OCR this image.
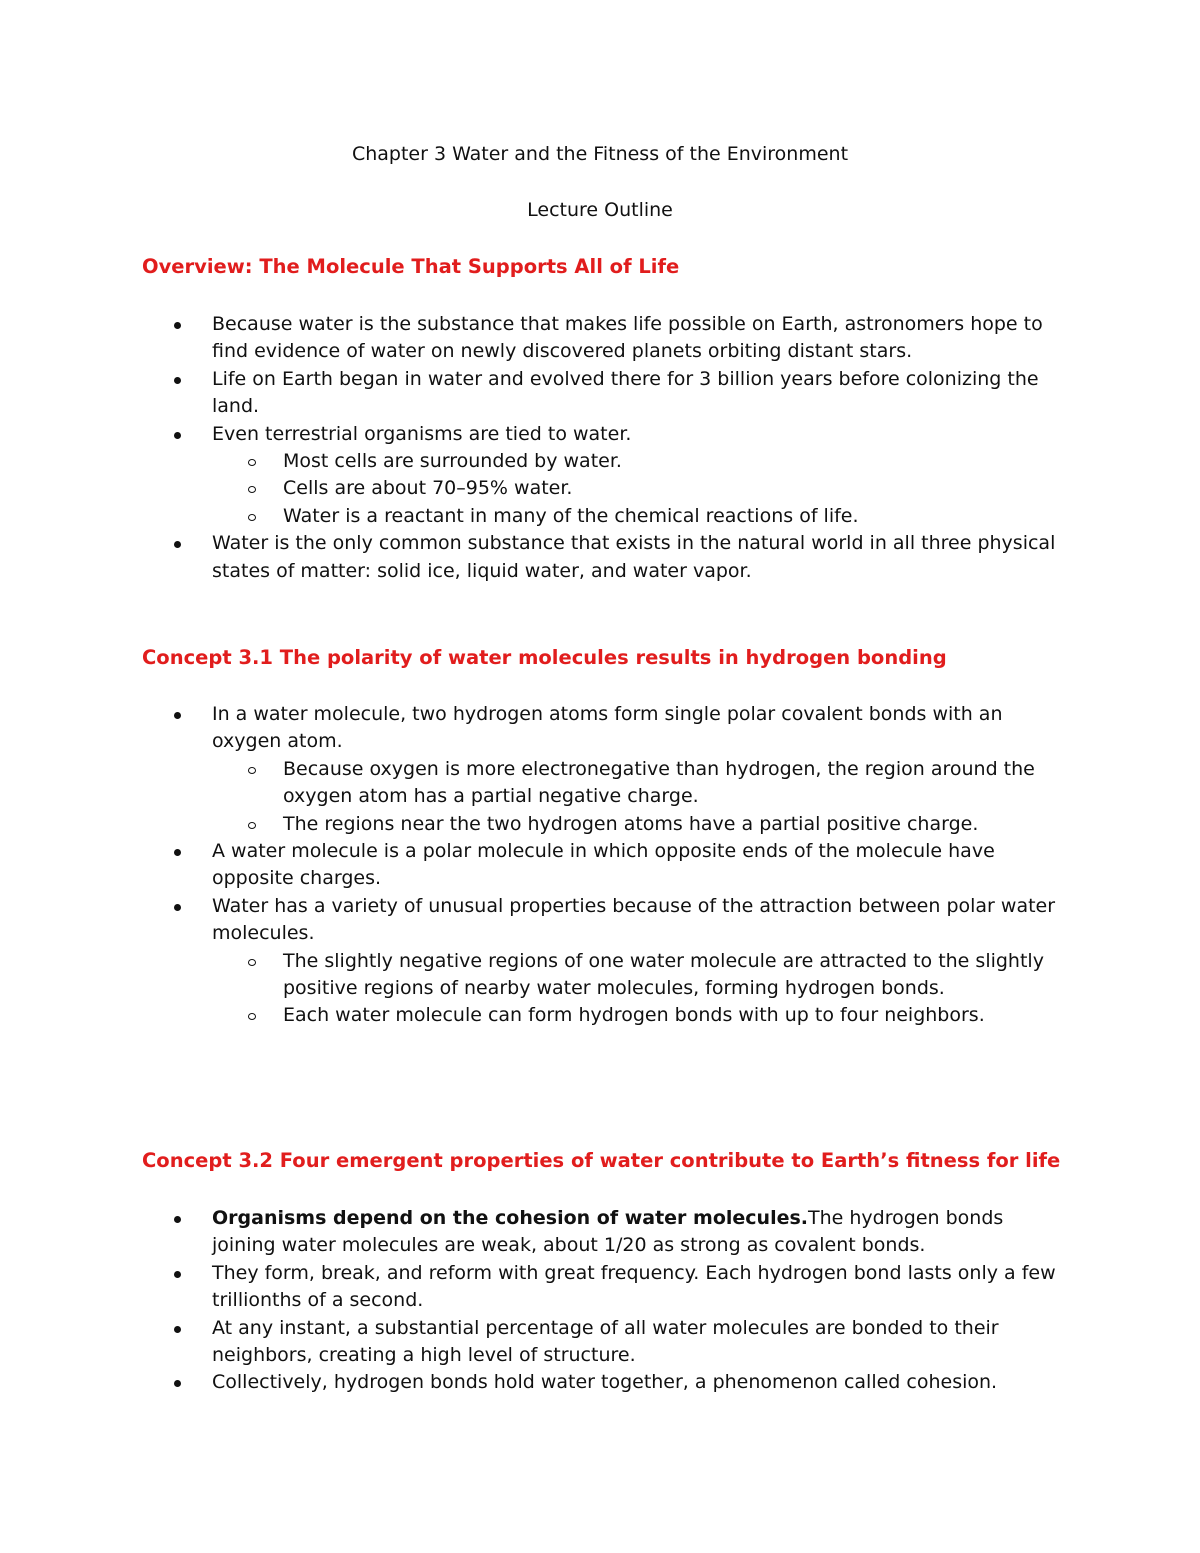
Chapter 3 Water and the Fitness of the Environment
Lecture Outline
Overview: The Molecule That Supports All of Life
Because water is the substance that makes life possible on Earth, astronomers hope to find evidence of water on newly discovered planets orbiting distant stars.
Life on Earth began in water and evolved there for 3 billion years before colonizing the land.
Even terrestrial organisms are tied to water.
Most cells are surrounded by water.
Cells are about 70–95% water.
Water is a reactant in many of the chemical reactions of life.
Water is the only common substance that exists in the natural world in all three physical states of matter: solid ice, liquid water, and water vapor.
Concept 3.1 The polarity of water molecules results in hydrogen bonding
In a water molecule, two hydrogen atoms form single polar covalent bonds with an oxygen atom.
Because oxygen is more electronegative than hydrogen, the region around the oxygen atom has a partial negative charge.
The regions near the two hydrogen atoms have a partial positive charge.
A water molecule is a polar molecule in which opposite ends of the molecule have opposite charges.
Water has a variety of unusual properties because of the attraction between polar water molecules.
The slightly negative regions of one water molecule are attracted to the slightly positive regions of nearby water molecules, forming hydrogen bonds.
Each water molecule can form hydrogen bonds with up to four neighbors.
Concept 3.2 Four emergent properties of water contribute to Earth’s fitness for life
Organisms depend on the cohesion of water molecules.The hydrogen bonds joining water molecules are weak, about 1/20 as strong as covalent bonds.
They form, break, and reform with great frequency. Each hydrogen bond lasts only a few trillionths of a second.
At any instant, a substantial percentage of all water molecules are bonded to their neighbors, creating a high level of structure.
Collectively, hydrogen bonds hold water together, a phenomenon called cohesion.
